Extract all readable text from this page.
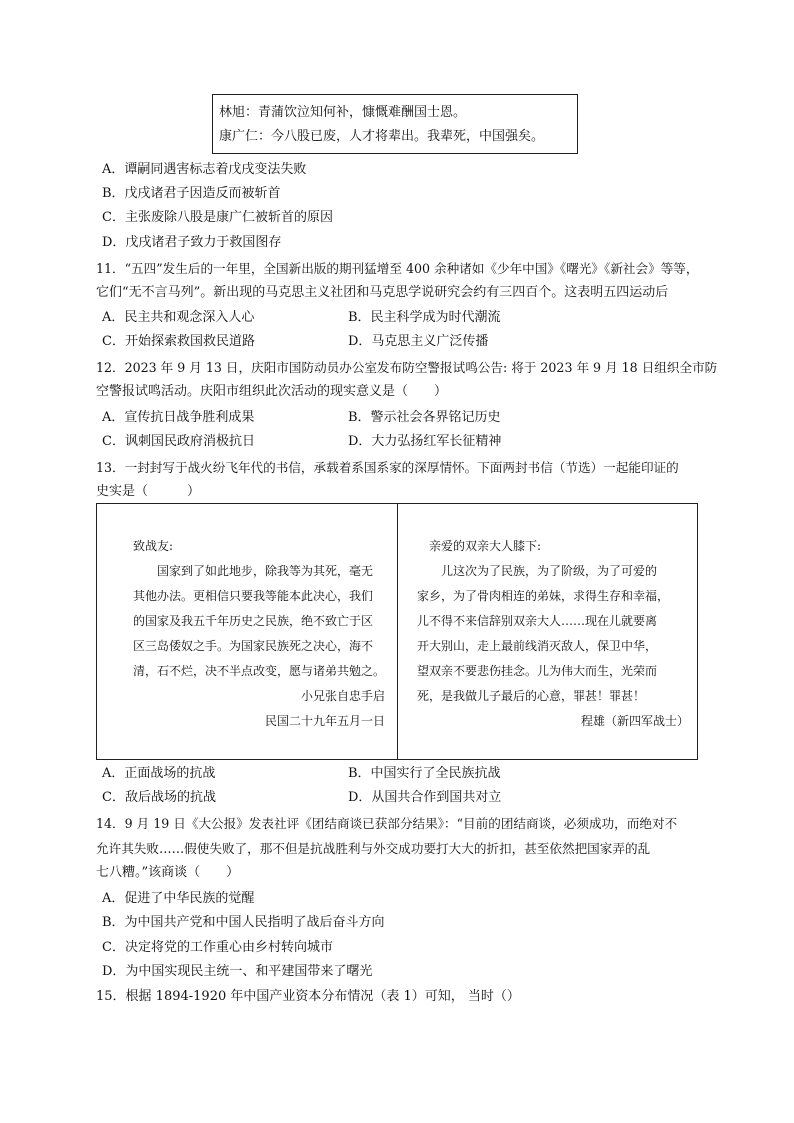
林旭：青蒲饮泣知何补，慷慨难酬国士恩。
康广仁：今八股已废，人才将辈出。我辈死，中国强矣。
A．谭嗣同遇害标志着戊戌变法失败
B．戊戌诸君子因造反而被斩首
C．主张废除八股是康广仁被斩首的原因
D．戊戌诸君子致力于救国图存
11．“五四”发生后的一年里，全国新出版的期刊猛增至 400 余种诸如《少年中国》《曙光》《新社会》等等，
它们“无不言马列”。新出现的马克思主义社团和马克思学说研究会约有三四百个。这表明五四运动后
A．民主共和观念深入人心	B．民主科学成为时代潮流
C．开始探索救国救民道路	D．马克思主义广泛传播
12．2023 年 9 月 13 日，庆阳市国防动员办公室发布防空警报试鸣公告: 将于 2023 年 9 月 18 日组织全市防
空警报试鸣活动。庆阳市组织此次活动的现实意义是（　　）
A．宣传抗日战争胜利成果	B．警示社会各界铭记历史
C．讽刺国民政府消极抗日	D．大力弘扬红军长征精神
13．一封封写于战火纷飞年代的书信，承载着系国系家的深厚情怀。下面两封书信（节选）一起能印证的
史实是（　　　）
致战友:
国家到了如此地步，除我等为其死，毫无
其他办法。更相信只要我等能本此决心，我们
的国家及我五千年历史之民族，绝不致亡于区
区三岛倭奴之手。为国家民族死之决心，海不
清，石不烂，决不半点改变，愿与诸弟共勉之。
小兄张自忠手启
民国二十九年五月一日
亲爱的双亲大人膝下:
儿这次为了民族，为了阶级，为了可爱的
家乡，为了骨肉相连的弟妹，求得生存和幸福，
儿不得不来信辞别双亲大人……现在儿就要离
开大别山，走上最前线消灭敌人，保卫中华，
望双亲不要悲伤挂念。儿为伟大而生，光荣而
死，是我做儿子最后的心意，罪甚！罪甚！
程雄（新四军战士）
A．正面战场的抗战	B．中国实行了全民族抗战
C．敌后战场的抗战	D．从国共合作到国共对立
14．9 月 19 日《大公报》发表社评《团结商谈已获部分结果》：“目前的团结商谈，必须成功，而绝对不
允许其失败……假使失败了，那不但是抗战胜利与外交成功要打大大的折扣，甚至依然把国家弄的乱
七八糟。”该商谈（　　）
A．促进了中华民族的觉醒
B．为中国共产党和中国人民指明了战后奋斗方向
C．决定将党的工作重心由乡村转向城市
D．为中国实现民主统一、和平建国带来了曙光
15．根据 1894-1920 年中国产业资本分布情况（表 1）可知， 当时（）
